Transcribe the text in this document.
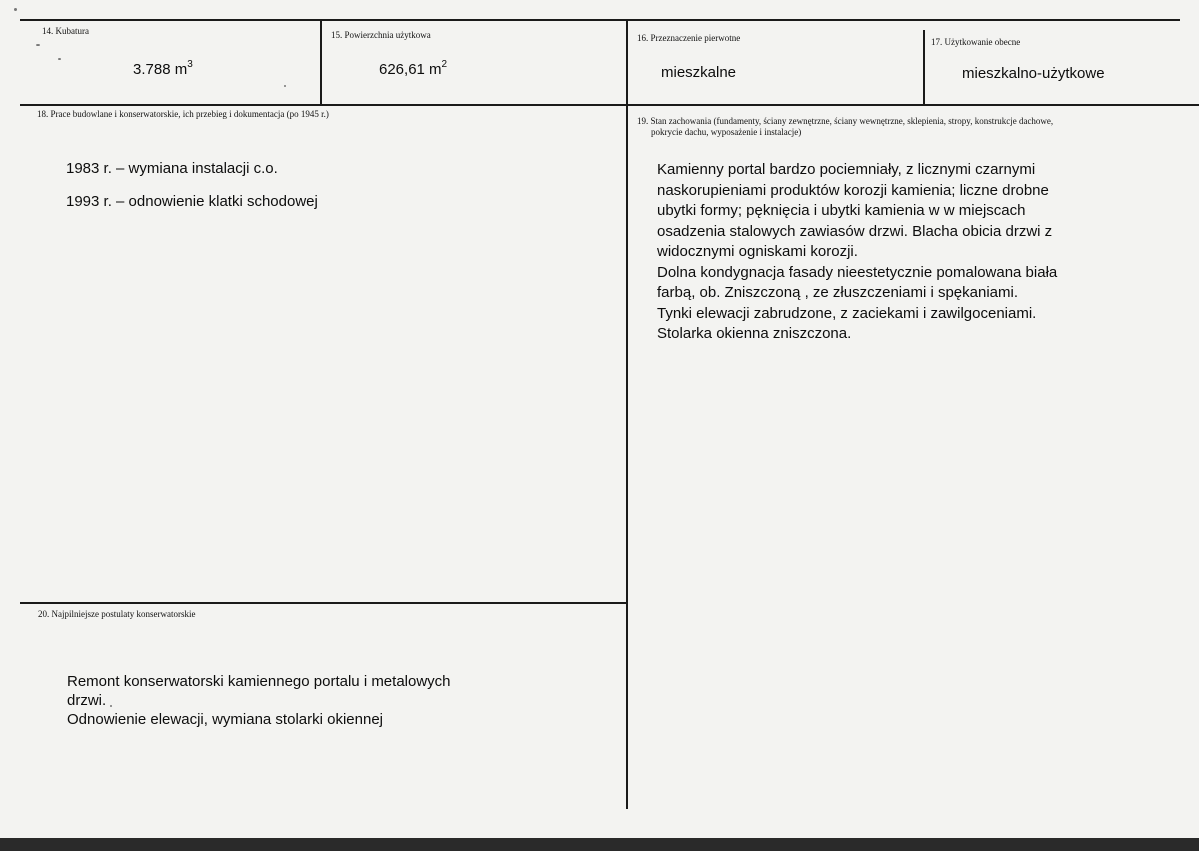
14. Kubatura
3.788 $m^3$
15. Powierzchnia użytkowa
626,61 $m^2$
16. Przeznaczenie pierwotne
mieszkalne
17. Użytkowanie obecne
mieszkalno-użytkowe
18. Prace budowlane i konserwatorskie, ich przebieg i dokumentacja (po 1945 r.)

1983 r. – wymiana instalacji c.o.

1993 r. – odnowienie klatki schodowej

19. Stan zachowania (fundamenty, ściany zewnętrzne, ściany wewnętrzne, sklepienia, stropy, konstrukcje dachowe,
pokrycie dachu, wyposażenie i instalacje)

Kamienny portal bardzo pociemniały, z licznymi czarnymi

naskorupieniami produktów korozji kamienia; liczne drobne

ubytki formy; pęknięcia i ubytki kamienia w w miejscach

osadzenia stalowych zawiasów drzwi. Blacha obicia drzwi z

widocznymi ogniskami korozji.

Dolna kondygnacja fasady nieestetycznie pomalowana biała

farbą, ob. Zniszczoną , ze złuszczeniami i spękaniami.

Tynki elewacji zabrudzone, z zaciekami i zawilgoceniami.

Stolarka okienna zniszczona.

20. Najpilniejsze postulaty konserwatorskie

Remont konserwatorski kamiennego portalu i metalowych

drzwi.

Odnowienie elewacji, wymiana stolarki okiennej
